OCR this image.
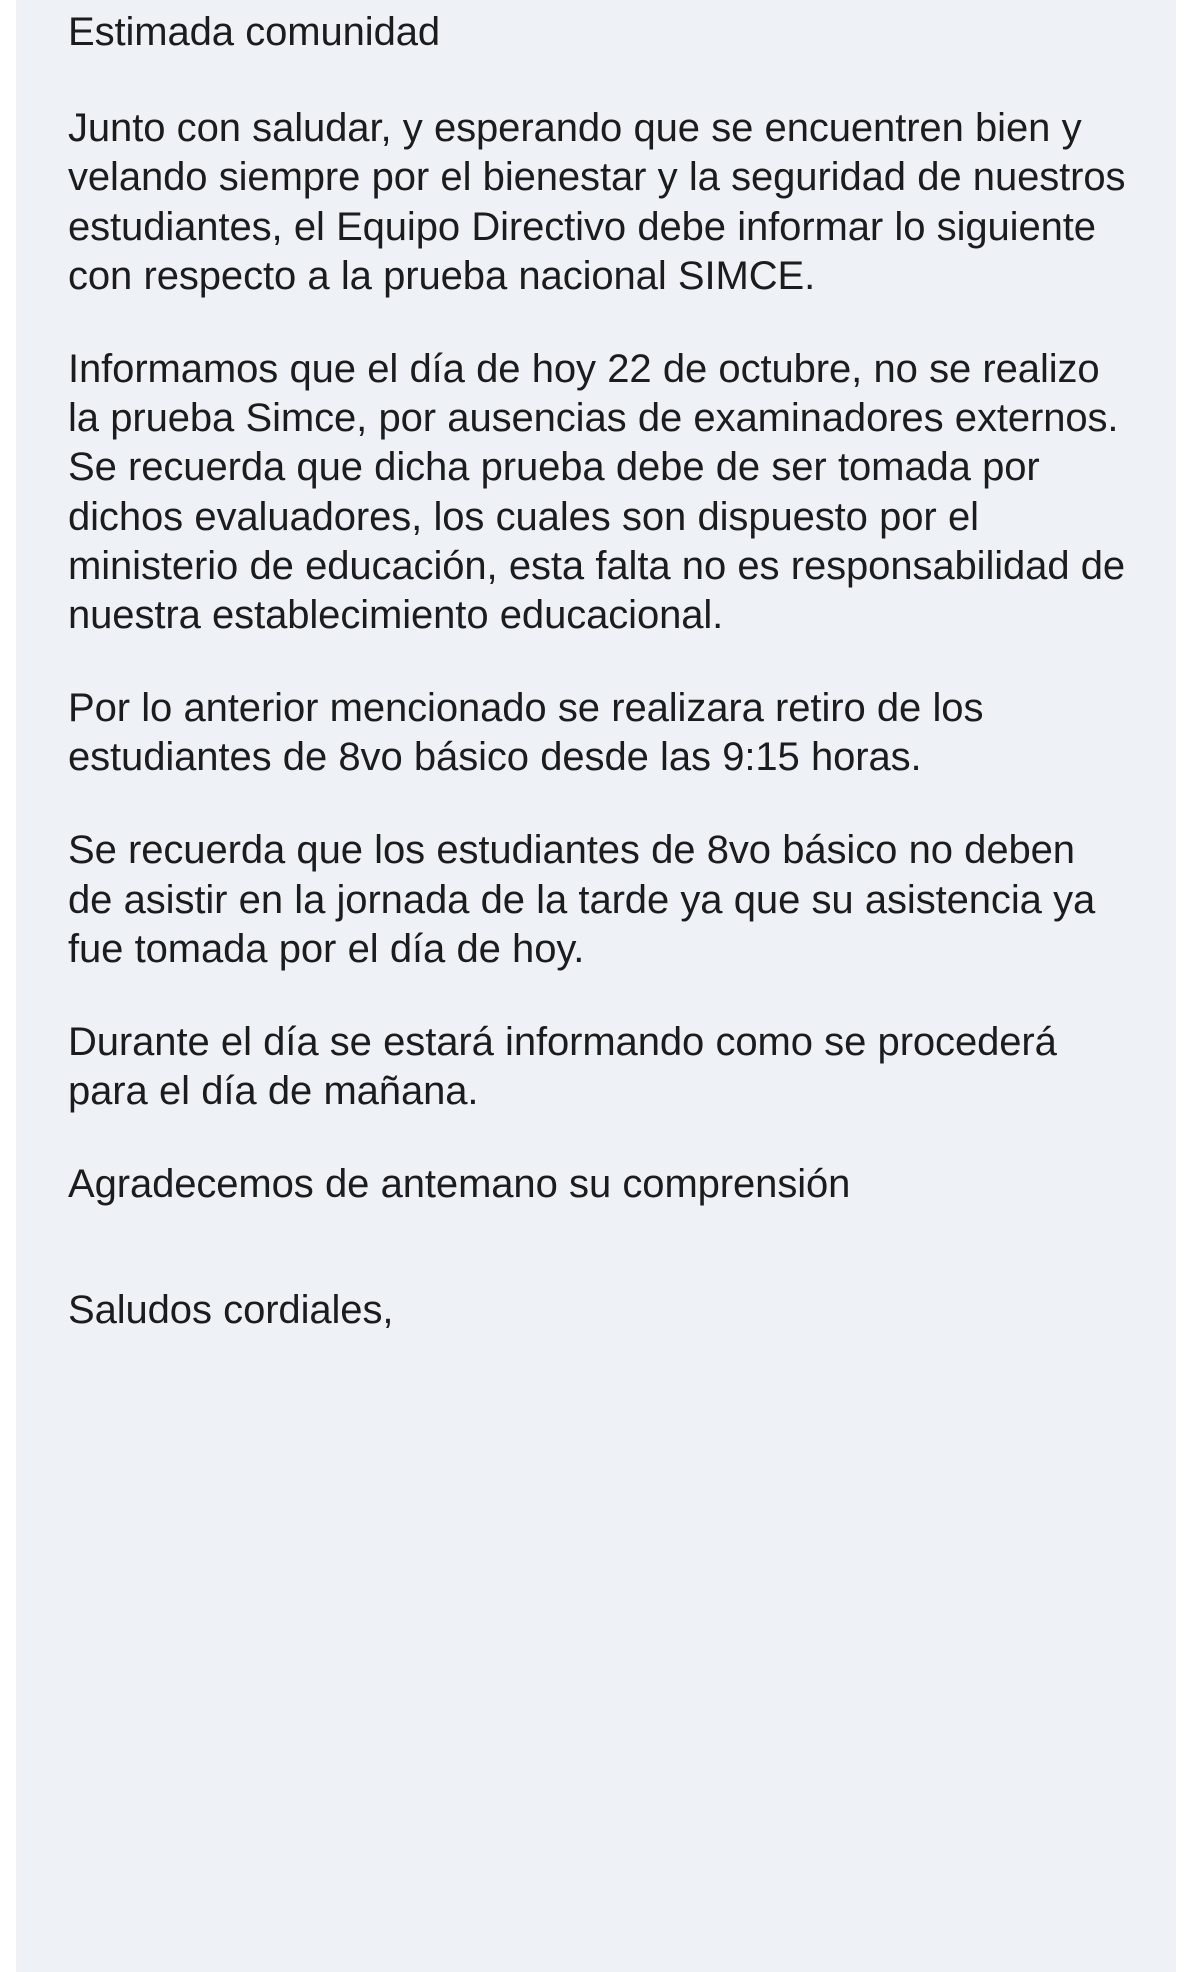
Estimada comunidad

Junto con saludar, y esperando que se encuentren bien y velando siempre por el bienestar y la seguridad de nuestros estudiantes, el Equipo Directivo debe informar lo siguiente con respecto a la prueba nacional SIMCE.

Informamos que el día de hoy 22 de octubre, no se realizo la prueba Simce, por ausencias de examinadores externos. Se recuerda que dicha prueba debe de ser tomada por dichos evaluadores, los cuales son dispuesto por el ministerio de educación, esta falta no es responsabilidad de nuestra establecimiento educacional.

Por lo anterior mencionado se realizara retiro de los estudiantes de 8vo básico desde las 9:15 horas.

Se recuerda que los estudiantes de 8vo básico no deben de asistir en la jornada de la tarde ya que su asistencia ya fue tomada por el día de hoy.

Durante el día se estará informando como se procederá para el día de mañana.

Agradecemos de antemano su comprensión

Saludos cordiales,
